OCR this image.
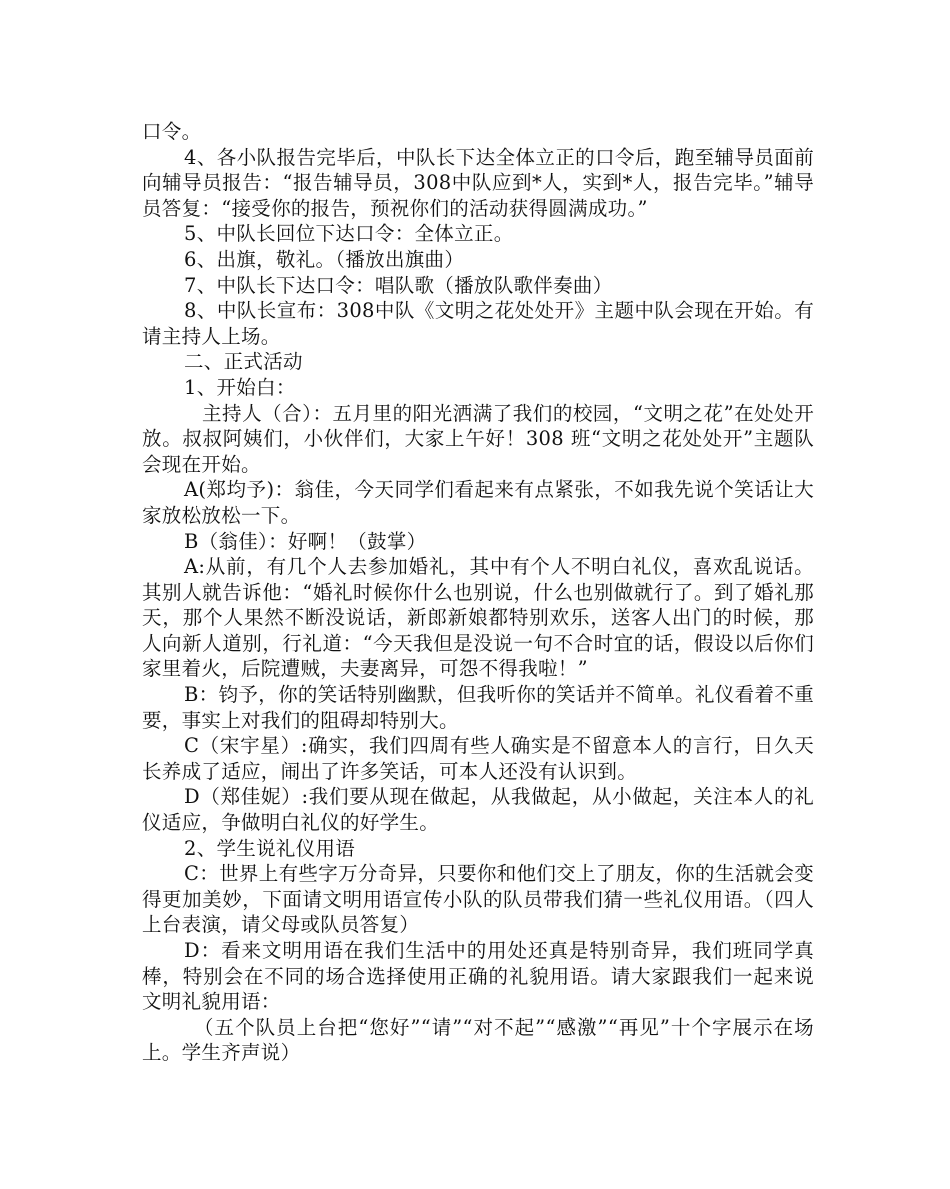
口令。

4、各小队报告完毕后，中队长下达全体立正的口令后，跑至辅导员面前向辅导员报告：“报告辅导员，308中队应到*人，实到*人，报告完毕。”辅导员答复：“接受你的报告，预祝你们的活动获得圆满成功。”

5、中队长回位下达口令：全体立正。

6、出旗，敬礼。（播放出旗曲）

7、中队长下达口令：唱队歌（播放队歌伴奏曲）

8、中队长宣布：308中队《文明之花处处开》主题中队会现在开始。有请主持人上场。

二、正式活动

1、开始白：

主持人（合）：五月里的阳光洒满了我们的校园，“文明之花”在处处开放。叔叔阿姨们，小伙伴们，大家上午好！308 班“文明之花处处开”主题队会现在开始。

A(郑均予)：翁佳，今天同学们看起来有点紧张，不如我先说个笑话让大家放松放松一下。

B（翁佳）：好啊！（鼓掌）

A:从前，有几个人去参加婚礼，其中有个人不明白礼仪，喜欢乱说话。其别人就告诉他：“婚礼时候你什么也别说，什么也别做就行了。到了婚礼那天，那个人果然不断没说话，新郎新娘都特别欢乐，送客人出门的时候，那人向新人道别，行礼道：“今天我但是没说一句不合时宜的话，假设以后你们家里着火，后院遭贼，夫妻离异，可怨不得我啦！”

B：钧予，你的笑话特别幽默，但我听你的笑话并不简单。礼仪看着不重要，事实上对我们的阻碍却特别大。

C（宋宇星）:确实，我们四周有些人确实是不留意本人的言行，日久天长养成了适应，闹出了许多笑话，可本人还没有认识到。

D（郑佳妮）:我们要从现在做起，从我做起，从小做起，关注本人的礼仪适应，争做明白礼仪的好学生。

2、学生说礼仪用语

C：世界上有些字万分奇异，只要你和他们交上了朋友，你的生活就会变得更加美妙，下面请文明用语宣传小队的队员带我们猜一些礼仪用语。（四人上台表演，请父母或队员答复）

D：看来文明用语在我们生活中的用处还真是特别奇异，我们班同学真棒，特别会在不同的场合选择使用正确的礼貌用语。请大家跟我们一起来说文明礼貌用语：

（五个队员上台把“您好”“请”“对不起”“感激”“再见”十个字展示在场上。学生齐声说）
